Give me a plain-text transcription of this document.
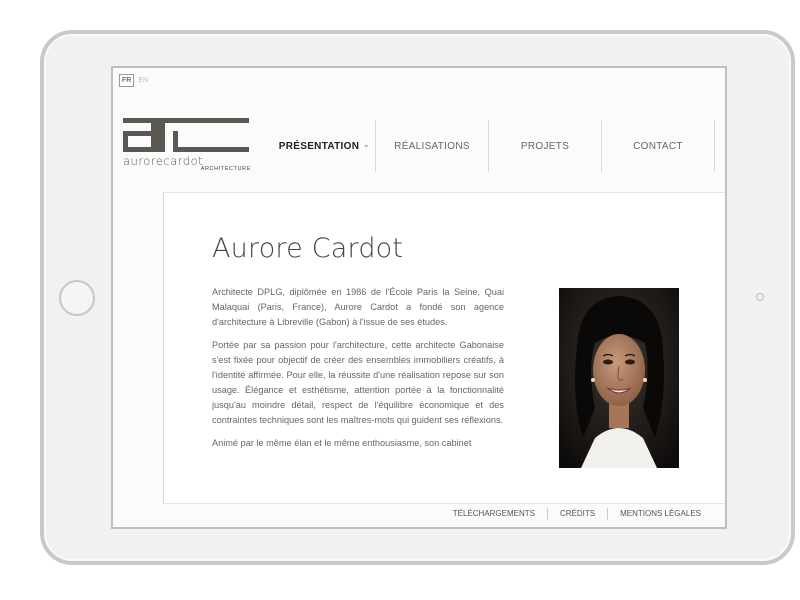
FR	EN
aurorecardot
ARCHITECTURE
PRÉSENTATION ⌄ RÉALISATIONS	PROJETS	CONTACT
Aurore Cardot

Architecte DPLG, diplômée en 1986 de l'École Paris la Seine, Quai Malaquai (Paris, France), Aurore Cardot a fondé son agence d'architecture à Libreville (Gabon) à l'issue de ses études.

Portée par sa passion pour l'architecture, cette architecte Gabonaise s'est fixée pour objectif de créer des ensembles immobiliers créatifs, à l'identité affirmée. Pour elle, la réussite d'une réalisation repose sur son usage. Élégance et esthétisme, attention portée à la fonctionnalité jusqu'au moindre détail, respect de l'équilibre économique et des contraintes techniques sont les maîtres-mots qui guident ses réflexions.

Animé par le même élan et le même enthousiasme, son cabinet

TÉLÉCHARGEMENTS	CRÉDITS	MENTIONS LÉGALES
